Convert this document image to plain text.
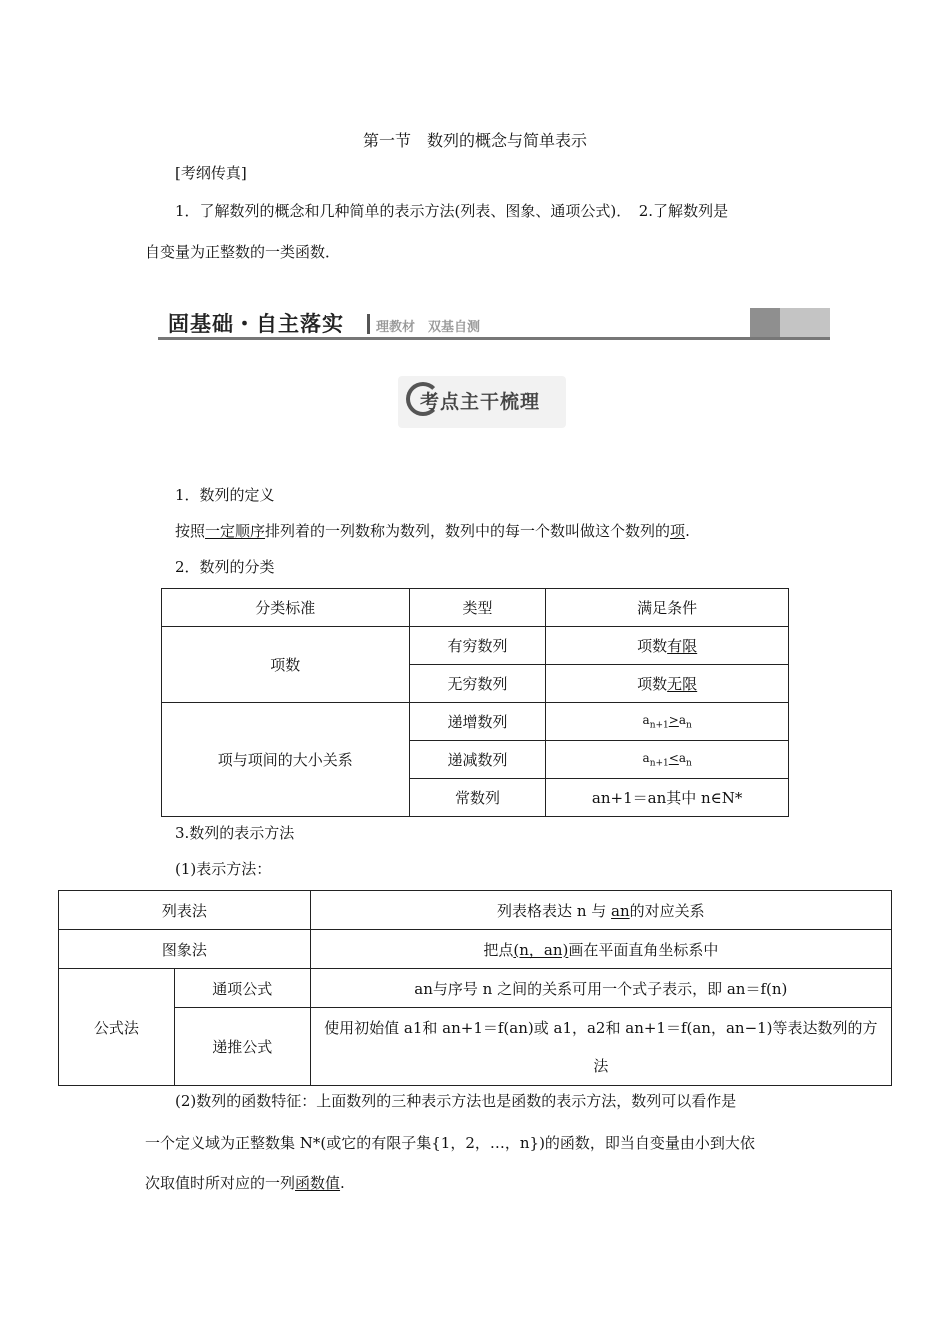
第一节　数列的概念与简单表示
[考纲传真]
1．了解数列的概念和几种简单的表示方法(列表、图象、通项公式)．　2.了解数列是
自变量为正整数的一类函数．
固基础・自主落实 理教材　双基自测
考点主干梳理
1．数列的定义
按照一定顺序排列着的一列数称为数列，数列中的每一个数叫做这个数列的项.
2．数列的分类
分类标准	类型	满足条件
项数	有穷数列	项数有限
	无穷数列	项数无限
项与项间的大小关系	递增数列	$a_{n+1}>a_n$
	递减数列	$a_{n+1}<a_n$
	常数列	an+1＝an其中 n∈N*
3.数列的表示方法
(1)表示方法：
列表法		列表格表达 n 与 an的对应关系
图象法		把点(n，an)画在平面直角坐标系中
公式法	通项公式	an与序号 n 之间的关系可用一个式子表示，即 an＝f(n)
	递推公式	使用初始值 a1和 an+1＝f(an)或 a1，a2和 an+1＝f(an，an−1)等表达数列的方
法
(2)数列的函数特征：上面数列的三种表示方法也是函数的表示方法，数列可以看作是
一个定义域为正整数集 N*(或它的有限子集{1，2，…，n})的函数，即当自变量由小到大依
次取值时所对应的一列函数值.
